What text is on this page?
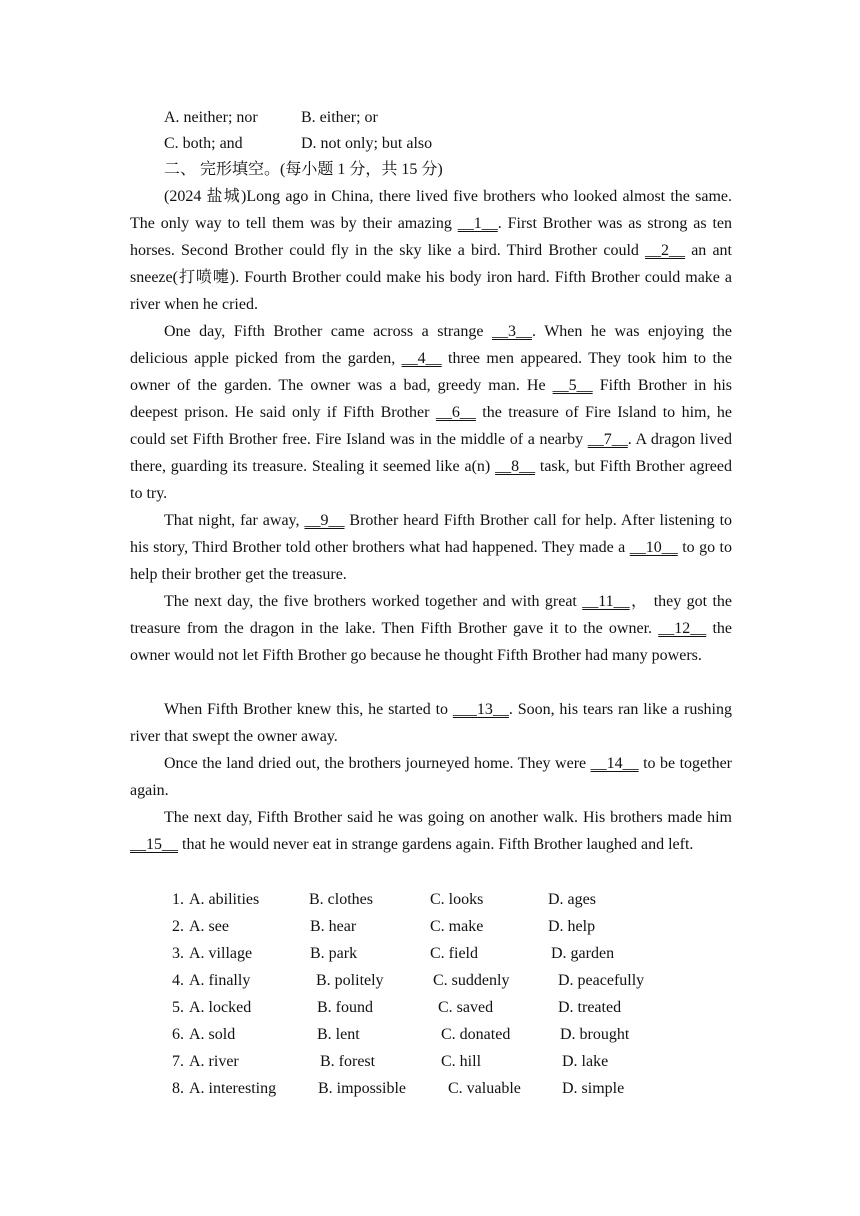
A. neither; nor	B. either; or
C. both; and	D. not only; but also
二、 完形填空。(每小题 1 分，共 15 分)
(2024 盐城)Long ago in China, there lived five brothers who looked almost the same. The only way to tell them was by their amazing __1__. First Brother was as strong as ten horses. Second Brother could fly in the sky like a bird. Third Brother could __2__ an ant sneeze(打喷嚏). Fourth Brother could make his body iron hard. Fifth Brother could make a river when he cried.
One day, Fifth Brother came across a strange __3__. When he was enjoying the delicious apple picked from the garden, __4__ three men appeared. They took him to the owner of the garden. The owner was a bad, greedy man. He __5__ Fifth Brother in his deepest prison. He said only if Fifth Brother __6__ the treasure of Fire Island to him, he could set Fifth Brother free. Fire Island was in the middle of a nearby __7__. A dragon lived there, guarding its treasure. Stealing it seemed like a(n) __8__ task, but Fifth Brother agreed to try.
That night, far away, __9__ Brother heard Fifth Brother call for help. After listening to his story, Third Brother told other brothers what had happened. They made a __10__ to go to help their brother get the treasure.
The next day, the five brothers worked together and with great __11__， they got the treasure from the dragon in the lake. Then Fifth Brother gave it to the owner. __12__ the owner would not let Fifth Brother go because he thought Fifth Brother had many powers.
When Fifth Brother knew this, he started to ___13__. Soon, his tears ran like a rushing river that swept the owner away.
Once the land dried out, the brothers journeyed home. They were __14__ to be together again.
The next day, Fifth Brother said he was going on another walk. His brothers made him __15__ that he would never eat in strange gardens again. Fifth Brother laughed and left.
1. A. abilities	B. clothes	C. looks	D. ages
2. A. see	B. hear	C. make	D. help
3. A. village	B. park	C. field	D. garden
4. A. finally	B. politely	C. suddenly	D. peacefully
5. A. locked	B. found	C. saved	D. treated
6. A. sold	B. lent	C. donated	D. brought
7. A. river	B. forest	C. hill	D. lake
8. A. interesting	B. impossible	C. valuable	D. simple
